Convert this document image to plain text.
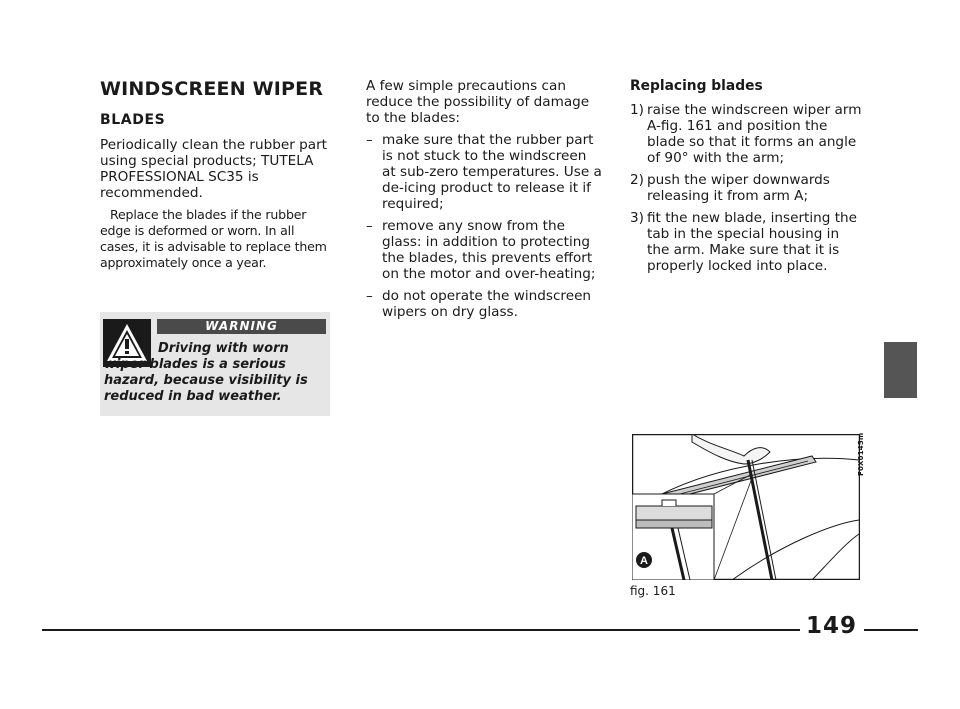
WINDSCREEN WIPER
BLADES

Periodically clean the rubber part using special products; TUTELA PROFESSIONAL SC35 is recommended.

Replace the blades if the rubber edge is deformed or worn. In all cases, it is advisable to replace them approximately once a year.

WARNING
Driving with worn wiper blades is a serious hazard, because visibility is reduced in bad weather.

A few simple precautions can reduce the possibility of damage to the blades:

– make sure that the rubber part is not stuck to the windscreen at sub-zero temperatures. Use a de-icing product to release it if required;
– remove any snow from the glass: in addition to protecting the blades, this prevents effort on the motor and over-heating;
– do not operate the windscreen wipers on dry glass.
Replacing blades
1) raise the windscreen wiper arm A-fig. 161 and position the blade so that it forms an angle of 90° with the arm;
2) push the wiper downwards releasing it from arm A;
3) fit the new blade, inserting the tab in the special housing in the arm. Make sure that it is properly locked into place.
A
F0X0145m
fig. 161
149
